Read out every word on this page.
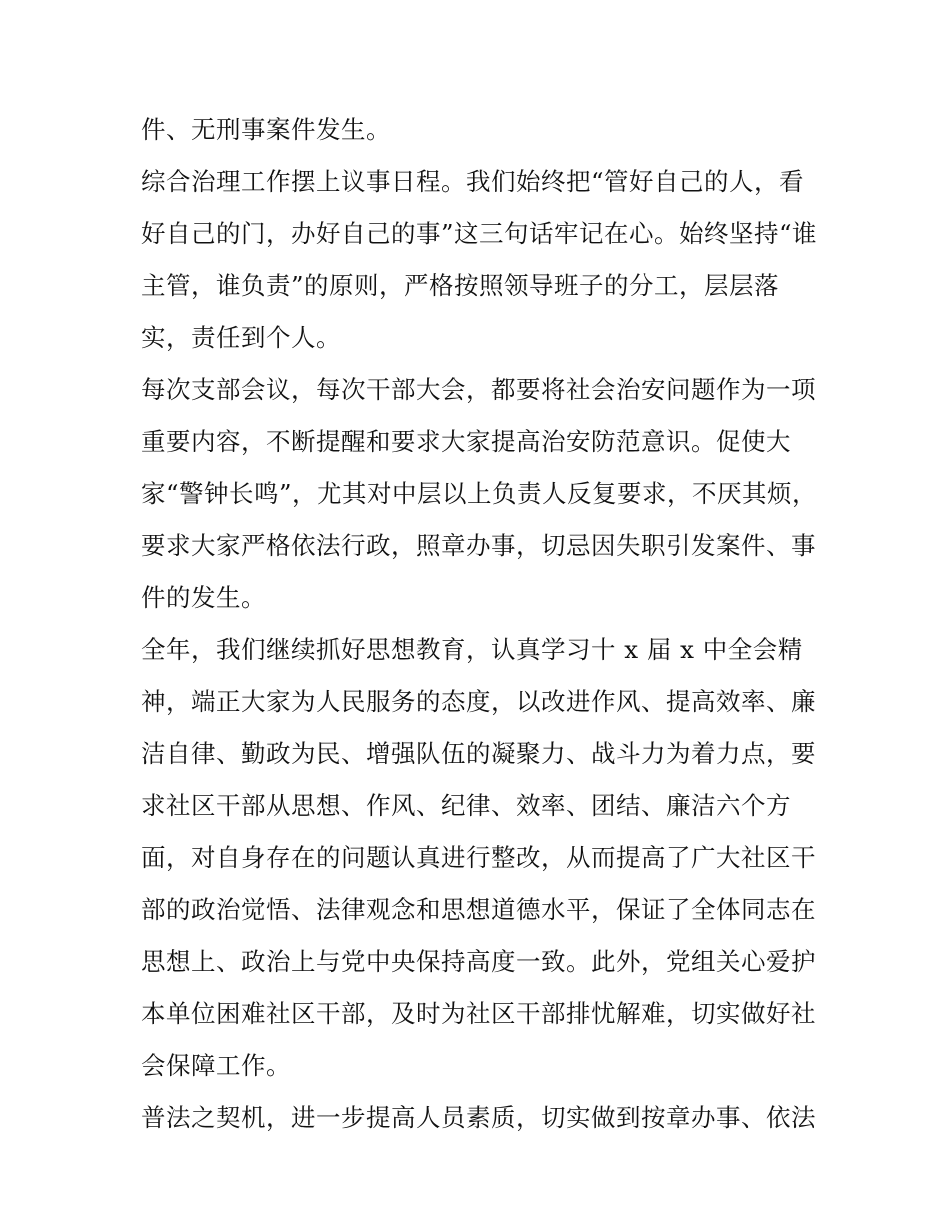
件、无刑事案件发生。
综合治理工作摆上议事日程。我们始终把“管好自己的人，看
好自己的门，办好自己的事”这三句话牢记在心。始终坚持“谁
主管，谁负责”的原则，严格按照领导班子的分工，层层落
实，责任到个人。
每次支部会议，每次干部大会，都要将社会治安问题作为一项
重要内容，不断提醒和要求大家提高治安防范意识。促使大
家“警钟长鸣”，尤其对中层以上负责人反复要求，不厌其烦，
要求大家严格依法行政，照章办事，切忌因失职引发案件、事
件的发生。
全年，我们继续抓好思想教育，认真学习十 x 届 x 中全会精
神，端正大家为人民服务的态度，以改进作风、提高效率、廉
洁自律、勤政为民、增强队伍的凝聚力、战斗力为着力点，要
求社区干部从思想、作风、纪律、效率、团结、廉洁六个方
面，对自身存在的问题认真进行整改，从而提高了广大社区干
部的政治觉悟、法律观念和思想道德水平，保证了全体同志在
思想上、政治上与党中央保持高度一致。此外，党组关心爱护
本单位困难社区干部，及时为社区干部排忧解难，切实做好社
会保障工作。
普法之契机，进一步提高人员素质，切实做到按章办事、依法
